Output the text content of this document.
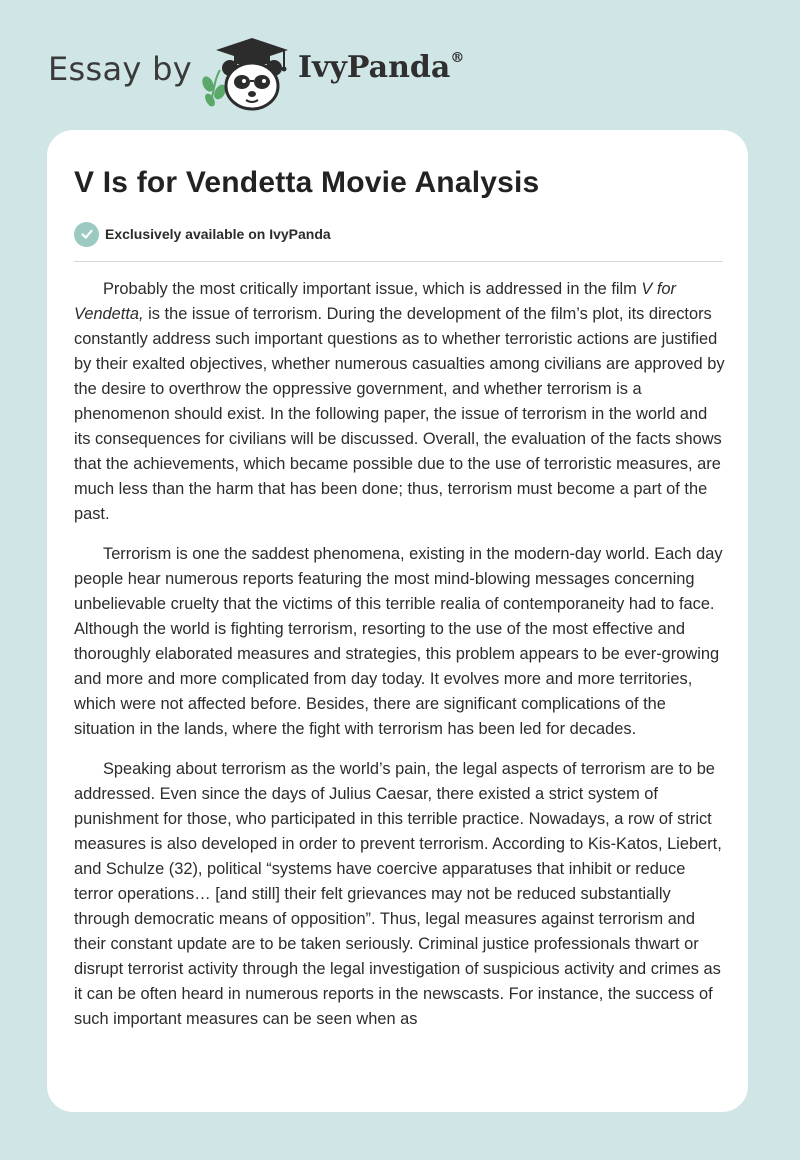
Essay by	IvyPanda®
V Is for Vendetta Movie Analysis
Exclusively available on IvyPanda

Probably the most critically important issue, which is addressed in the film V for Vendetta, is the issue of terrorism. During the development of the film’s plot, its directors constantly address such important questions as to whether terroristic actions are justified by their exalted objectives, whether numerous casualties among civilians are approved by the desire to overthrow the oppressive government, and whether terrorism is a phenomenon should exist. In the following paper, the issue of terrorism in the world and its consequences for civilians will be discussed. Overall, the evaluation of the facts shows that the achievements, which became possible due to the use of terroristic measures, are much less than the harm that has been done; thus, terrorism must become a part of the past.

Terrorism is one the saddest phenomena, existing in the modern-day world. Each day people hear numerous reports featuring the most mind-blowing messages concerning unbelievable cruelty that the victims of this terrible realia of contemporaneity had to face. Although the world is fighting terrorism, resorting to the use of the most effective and thoroughly elaborated measures and strategies, this problem appears to be ever-growing and more and more complicated from day today. It evolves more and more territories, which were not affected before. Besides, there are significant complications of the situation in the lands, where the fight with terrorism has been led for decades.

Speaking about terrorism as the world’s pain, the legal aspects of terrorism are to be addressed. Even since the days of Julius Caesar, there existed a strict system of punishment for those, who participated in this terrible practice. Nowadays, a row of strict measures is also developed in order to prevent terrorism. According to Kis-Katos, Liebert, and Schulze (32), political “systems have coercive apparatuses that inhibit or reduce terror operations… [and still] their felt grievances may not be reduced substantially through democratic means of opposition”. Thus, legal measures against terrorism and their constant update are to be taken seriously. Criminal justice professionals thwart or disrupt terrorist activity through the legal investigation of suspicious activity and crimes as it can be often heard in numerous reports in the newscasts. For instance, the success of such important measures can be seen when as
